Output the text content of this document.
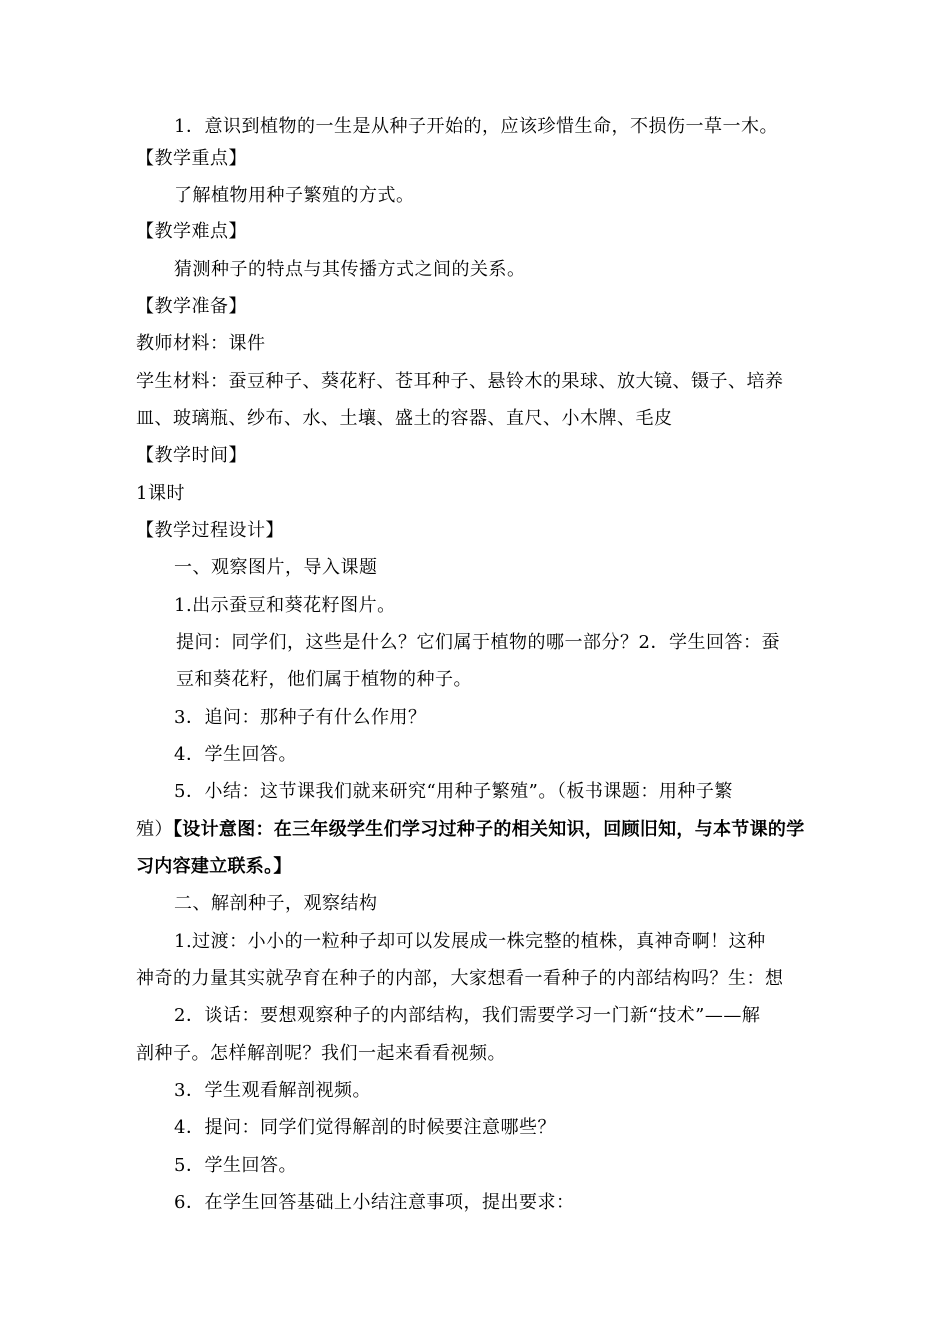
1．意识到植物的一生是从种子开始的，应该珍惜生命，不损伤一草一木。
【教学重点】
了解植物用种子繁殖的方式。
【教学难点】
猜测种子的特点与其传播方式之间的关系。
【教学准备】
教师材料：课件
学生材料：蚕豆种子、葵花籽、苍耳种子、悬铃木的果球、放大镜、镊子、培养
皿、玻璃瓶、纱布、水、土壤、盛土的容器、直尺、小木牌、毛皮
【教学时间】
1课时
【教学过程设计】
一、观察图片，导入课题
1.出示蚕豆和葵花籽图片。
提问：同学们，这些是什么？它们属于植物的哪一部分？2．学生回答：蚕
豆和葵花籽，他们属于植物的种子。
3．追问：那种子有什么作用？
4．学生回答。
5．小结：这节课我们就来研究“用种子繁殖”。（板书课题：用种子繁
殖）【设计意图：在三年级学生们学习过种子的相关知识，回顾旧知，与本节课的学
习内容建立联系。】
二、解剖种子，观察结构
1.过渡：小小的一粒种子却可以发展成一株完整的植株，真神奇啊！这种
神奇的力量其实就孕育在种子的内部，大家想看一看种子的内部结构吗？生：想
2．谈话：要想观察种子的内部结构，我们需要学习一门新“技术”——解
剖种子。怎样解剖呢？我们一起来看看视频。
3．学生观看解剖视频。
4．提问：同学们觉得解剖的时候要注意哪些？
5．学生回答。
6．在学生回答基础上小结注意事项，提出要求：
